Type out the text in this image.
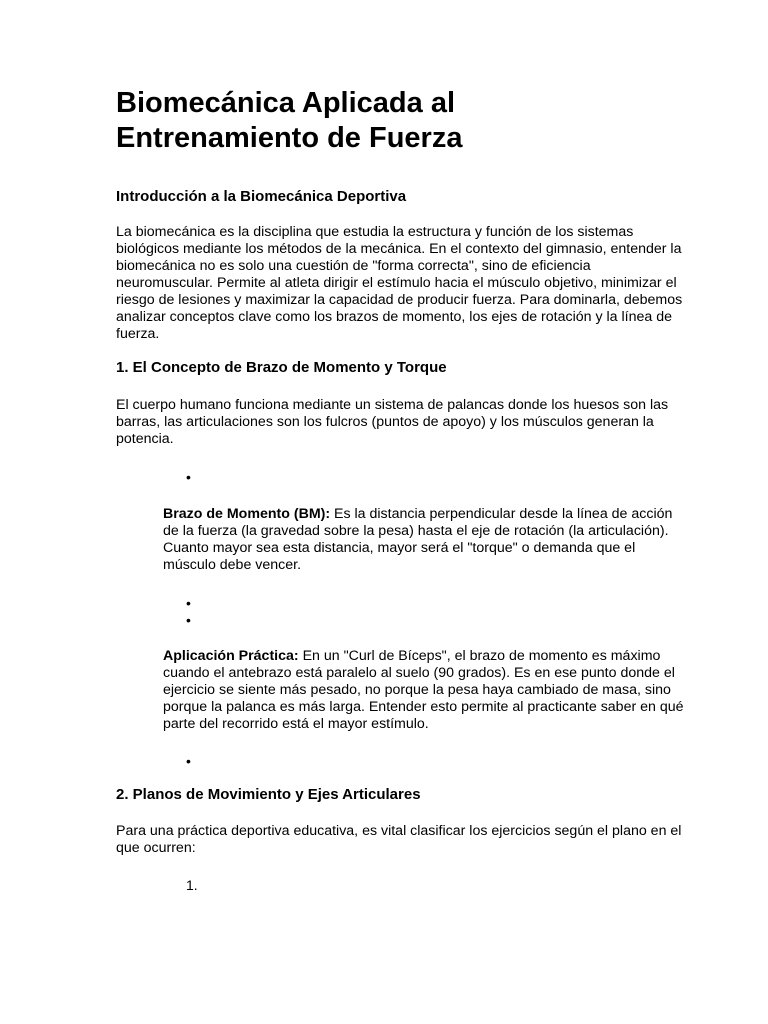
Biomecánica Aplicada al
Entrenamiento de Fuerza
Introducción a la Biomecánica Deportiva

La biomecánica es la disciplina que estudia la estructura y función de los sistemas biológicos mediante los métodos de la mecánica. En el contexto del gimnasio, entender la biomecánica no es solo una cuestión de "forma correcta", sino de eficiencia neuromuscular. Permite al atleta dirigir el estímulo hacia el músculo objetivo, minimizar el riesgo de lesiones y maximizar la capacidad de producir fuerza. Para dominarla, debemos analizar conceptos clave como los brazos de momento, los ejes de rotación y la línea de fuerza.

1. El Concepto de Brazo de Momento y Torque

El cuerpo humano funciona mediante un sistema de palancas donde los huesos son las barras, las articulaciones son los fulcros (puntos de apoyo) y los músculos generan la potencia.

•

Brazo de Momento (BM): Es la distancia perpendicular desde la línea de acción de la fuerza (la gravedad sobre la pesa) hasta el eje de rotación (la articulación). Cuanto mayor sea esta distancia, mayor será el "torque" o demanda que el músculo debe vencer.

•
•

Aplicación Práctica: En un "Curl de Bíceps", el brazo de momento es máximo cuando el antebrazo está paralelo al suelo (90 grados). Es en ese punto donde el ejercicio se siente más pesado, no porque la pesa haya cambiado de masa, sino porque la palanca es más larga. Entender esto permite al practicante saber en qué parte del recorrido está el mayor estímulo.

•
2. Planos de Movimiento y Ejes Articulares

Para una práctica deportiva educativa, es vital clasificar los ejercicios según el plano en el que ocurren:

1.
